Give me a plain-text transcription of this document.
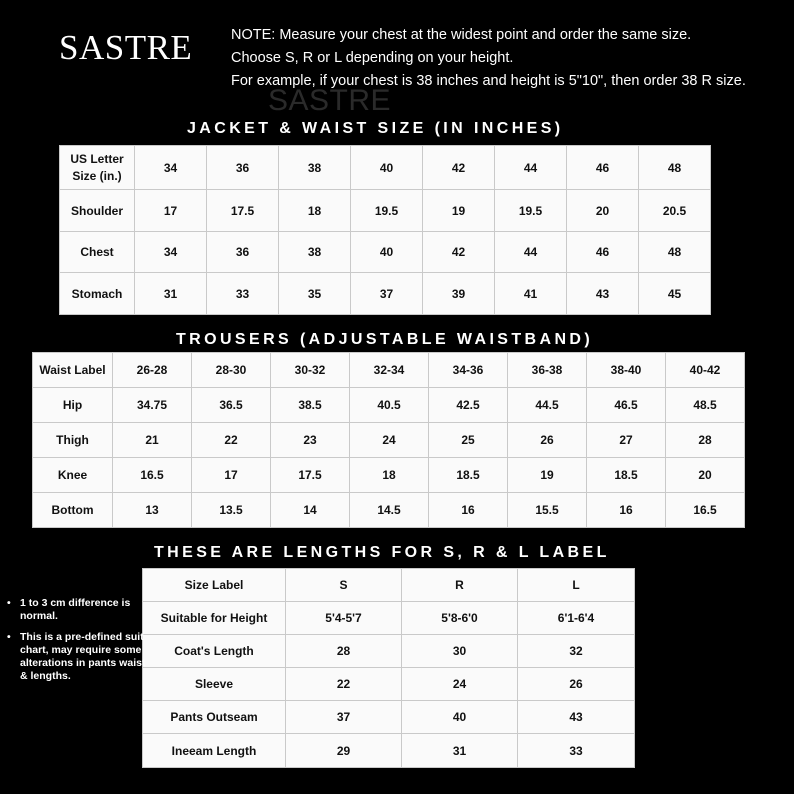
SASTRE	NOTE: Measure your chest at the widest point and order the same size.
Choose S, R or L depending on your height.
For example, if your chest is 38 inches and height is 5"10", then order 38 R size.
SASTRE
JACKET & WAIST SIZE (IN INCHES)
US Letter Size (in.)	34	36	38	40	42	44	46	48
Shoulder	17	17.5	18	19.5	19	19.5	20	20.5
Chest	34	36	38	40	42	44	46	48
Stomach	31	33	35	37	39	41	43	45
TROUSERS (ADJUSTABLE WAISTBAND)
Waist Label	26-28	28-30	30-32	32-34	34-36	36-38	38-40	40-42
Hip	34.75	36.5	38.5	40.5	42.5	44.5	46.5	48.5
Thigh	21	22	23	24	25	26	27	28
Knee	16.5	17	17.5	18	18.5	19	18.5	20
Bottom	13	13.5	14	14.5	16	15.5	16	16.5
THESE ARE LENGTHS FOR S, R & L LABEL
Size Label	S	R	L
Suitable for Height	5'4-5'7	5'8-6'0	6'1-6'4
Coat's Length	28	30	32
Sleeve	22	24	26
Pants Outseam	37	40	43
Ineeam Length	29	31	33
• 1 to 3 cm difference is normal.
• This is a pre-defined suit chart, may require some alterations in pants waist & lengths.
